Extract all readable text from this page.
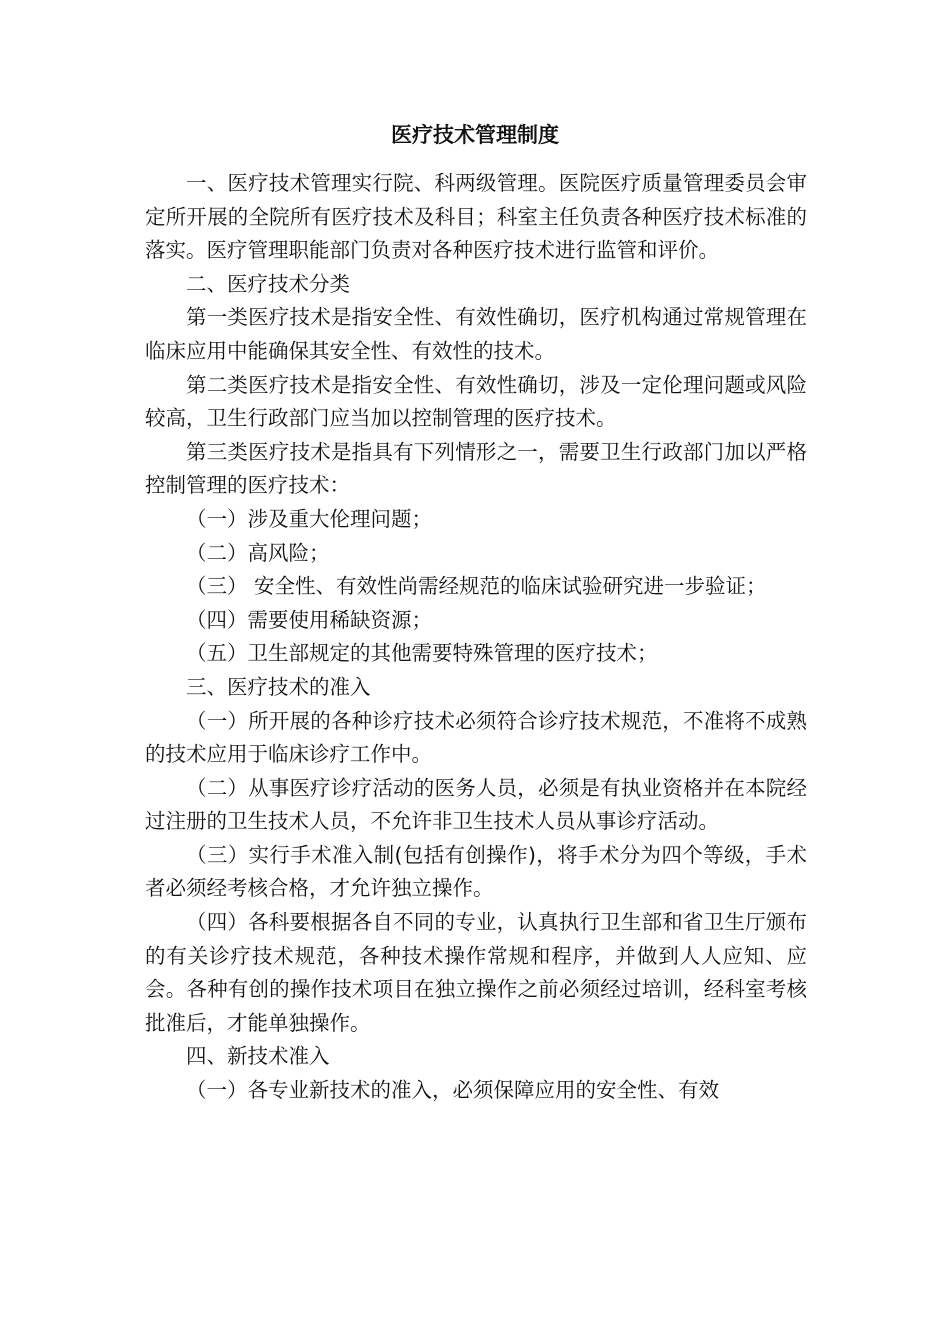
医疗技术管理制度

一、医疗技术管理实行院、科两级管理。医院医疗质量管理委员会审定所开展的全院所有医疗技术及科目；科室主任负责各种医疗技术标准的落实。医疗管理职能部门负责对各种医疗技术进行监管和评价。

二、医疗技术分类

第一类医疗技术是指安全性、有效性确切，医疗机构通过常规管理在临床应用中能确保其安全性、有效性的技术。

第二类医疗技术是指安全性、有效性确切，涉及一定伦理问题或风险较高，卫生行政部门应当加以控制管理的医疗技术。

第三类医疗技术是指具有下列情形之一，需要卫生行政部门加以严格控制管理的医疗技术：

（一）涉及重大伦理问题；

（二）高风险；

（三） 安全性、有效性尚需经规范的临床试验研究进一步验证；

（四）需要使用稀缺资源；

（五）卫生部规定的其他需要特殊管理的医疗技术；

三、医疗技术的准入

（一）所开展的各种诊疗技术必须符合诊疗技术规范，不准将不成熟的技术应用于临床诊疗工作中。

（二）从事医疗诊疗活动的医务人员，必须是有执业资格并在本院经过注册的卫生技术人员，不允许非卫生技术人员从事诊疗活动。

（三）实行手术准入制(包括有创操作)，将手术分为四个等级，手术者必须经考核合格，才允许独立操作。

（四）各科要根据各自不同的专业，认真执行卫生部和省卫生厅颁布的有关诊疗技术规范，各种技术操作常规和程序，并做到人人应知、应会。各种有创的操作技术项目在独立操作之前必须经过培训，经科室考核批准后，才能单独操作。

四、新技术准入

（一）各专业新技术的准入，必须保障应用的安全性、有效
